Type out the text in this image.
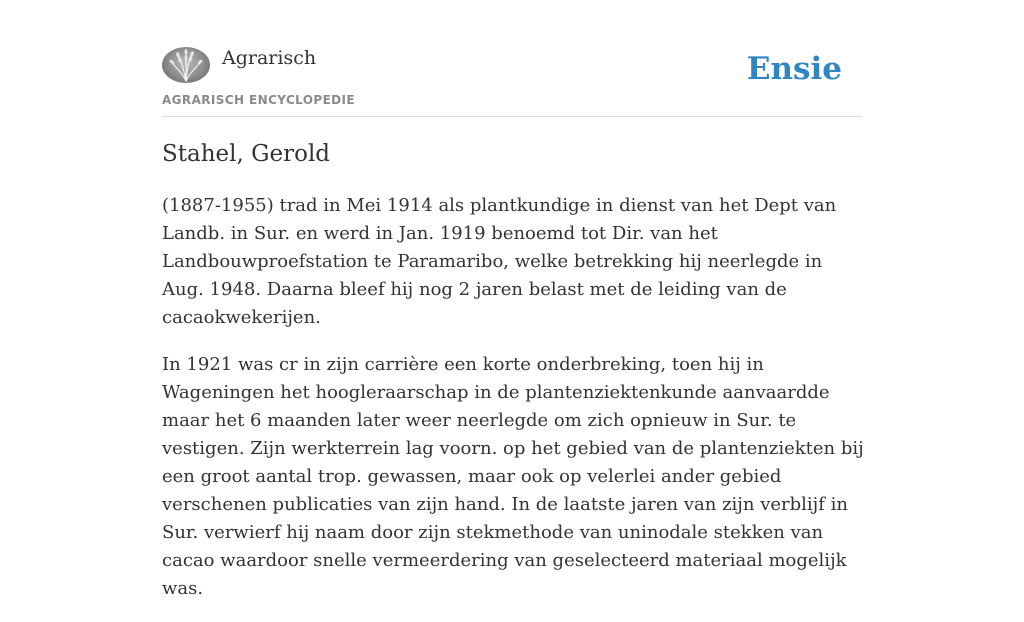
Agrarisch
AGRARISCH ENCYCLOPEDIE
Ensie
Stahel, Gerold

(1887-1955) trad in Mei 1914 als plantkundige in dienst van het Dept van Landb. in Sur. en werd in Jan. 1919 benoemd tot Dir. van het Landbouwproefstation te Paramaribo, welke betrekking hij neerlegde in Aug. 1948. Daarna bleef hij nog 2 jaren belast met de leiding van de cacaokwekerijen.

In 1921 was cr in zijn carrière een korte onderbreking, toen hij in Wageningen het hoogleraarschap in de plantenziektenkunde aanvaardde maar het 6 maanden later weer neerlegde om zich opnieuw in Sur. te vestigen. Zijn werkterrein lag voorn. op het gebied van de plantenziekten bij een groot aantal trop. gewassen, maar ook op velerlei ander gebied verschenen publicaties van zijn hand. In de laatste jaren van zijn verblijf in Sur. verwierf hij naam door zijn stekmethode van uninodale stekken van cacao waardoor snelle vermeerdering van geselecteerd materiaal mogelijk was.
